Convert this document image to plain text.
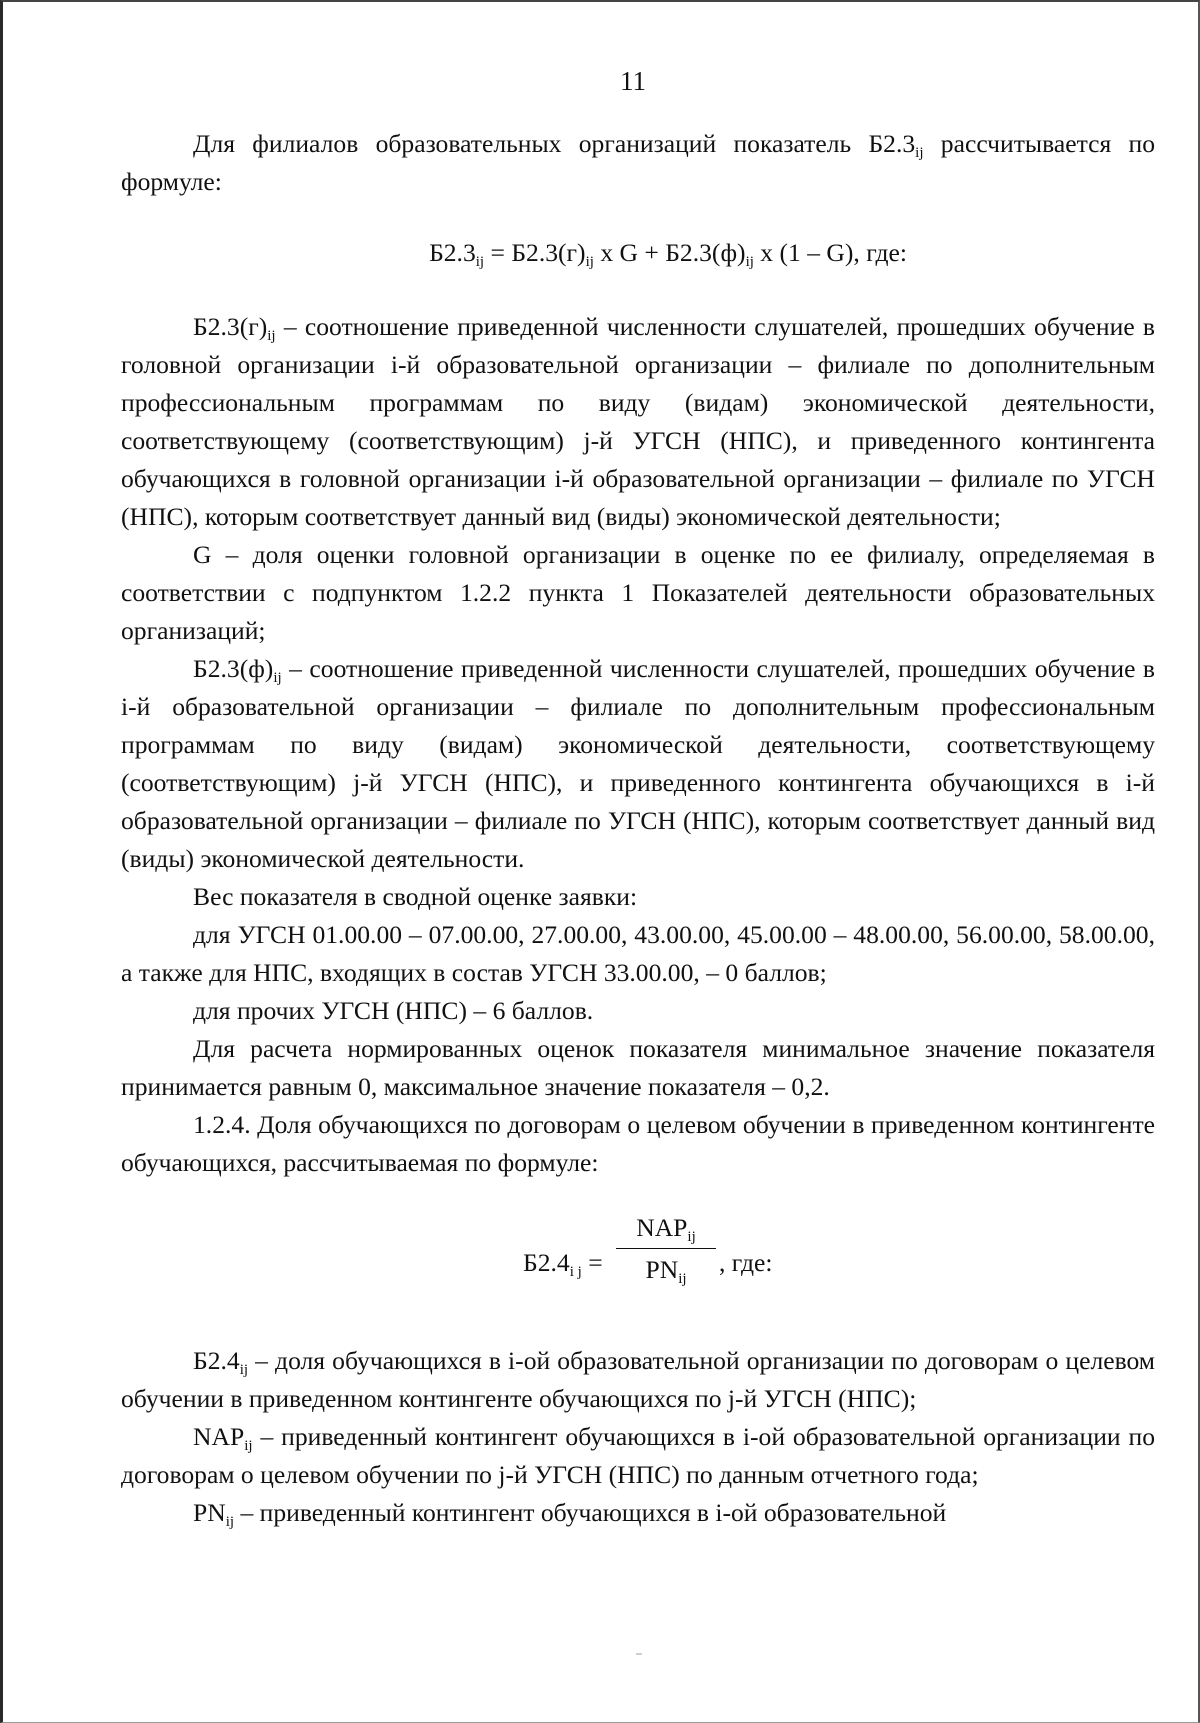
11

Для филиалов образовательных организаций показатель $Б2.3_{ij}$ рассчитывается по формуле:

$Б2.3_{ij} = Б2.3(г)_{ij}$ х $G + Б2.3(ф)_{ij}$ х (1 – G), где:

$Б2.3(г)_{ij}$ – соотношение приведенной численности слушателей, прошедших обучение в головной организации i-й образовательной организации – филиале по дополнительным профессиональным программам по виду (видам) экономической деятельности, соответствующему (соответствующим) j-й УГСН (НПС), и приведенного контингента обучающихся в головной организации i-й образовательной организации – филиале по УГСН (НПС), которым соответствует данный вид (виды) экономической деятельности;

G – доля оценки головной организации в оценке по ее филиалу, определяемая в соответствии с подпунктом 1.2.2 пункта 1 Показателей деятельности образовательных организаций;

$Б2.3(ф)_{ij}$ – соотношение приведенной численности слушателей, прошедших обучение в i-й образовательной организации – филиале по дополнительным профессиональным программам по виду (видам) экономической деятельности, соответствующему (соответствующим) j-й УГСН (НПС), и приведенного контингента обучающихся в i-й образовательной организации – филиале по УГСН (НПС), которым соответствует данный вид (виды) экономической деятельности.

Вес показателя в сводной оценке заявки:

для УГСН 01.00.00 – 07.00.00, 27.00.00, 43.00.00, 45.00.00 – 48.00.00, 56.00.00, 58.00.00, а также для НПС, входящих в состав УГСН 33.00.00, – 0 баллов;

для прочих УГСН (НПС) – 6 баллов.

Для расчета нормированных оценок показателя минимальное значение показателя принимается равным 0, максимальное значение показателя – 0,2.

1.2.4. Доля обучающихся по договорам о целевом обучении в приведенном контингенте обучающихся, рассчитываемая по формуле:

$Б2.4_{i j}$ =
$NAP_{ij}$
$PN_{ij}$
, где:

$Б2.4_{ij}$ – доля обучающихся в i-ой образовательной организации по договорам о целевом обучении в приведенном контингенте обучающихся по j-й УГСН (НПС);

$NAP_{ij}$ – приведенный контингент обучающихся в i-ой образовательной организации по договорам о целевом обучении по j-й УГСН (НПС) по данным отчетного года;

$PN_{ij}$ – приведенный контингент обучающихся в i-ой образовательной
